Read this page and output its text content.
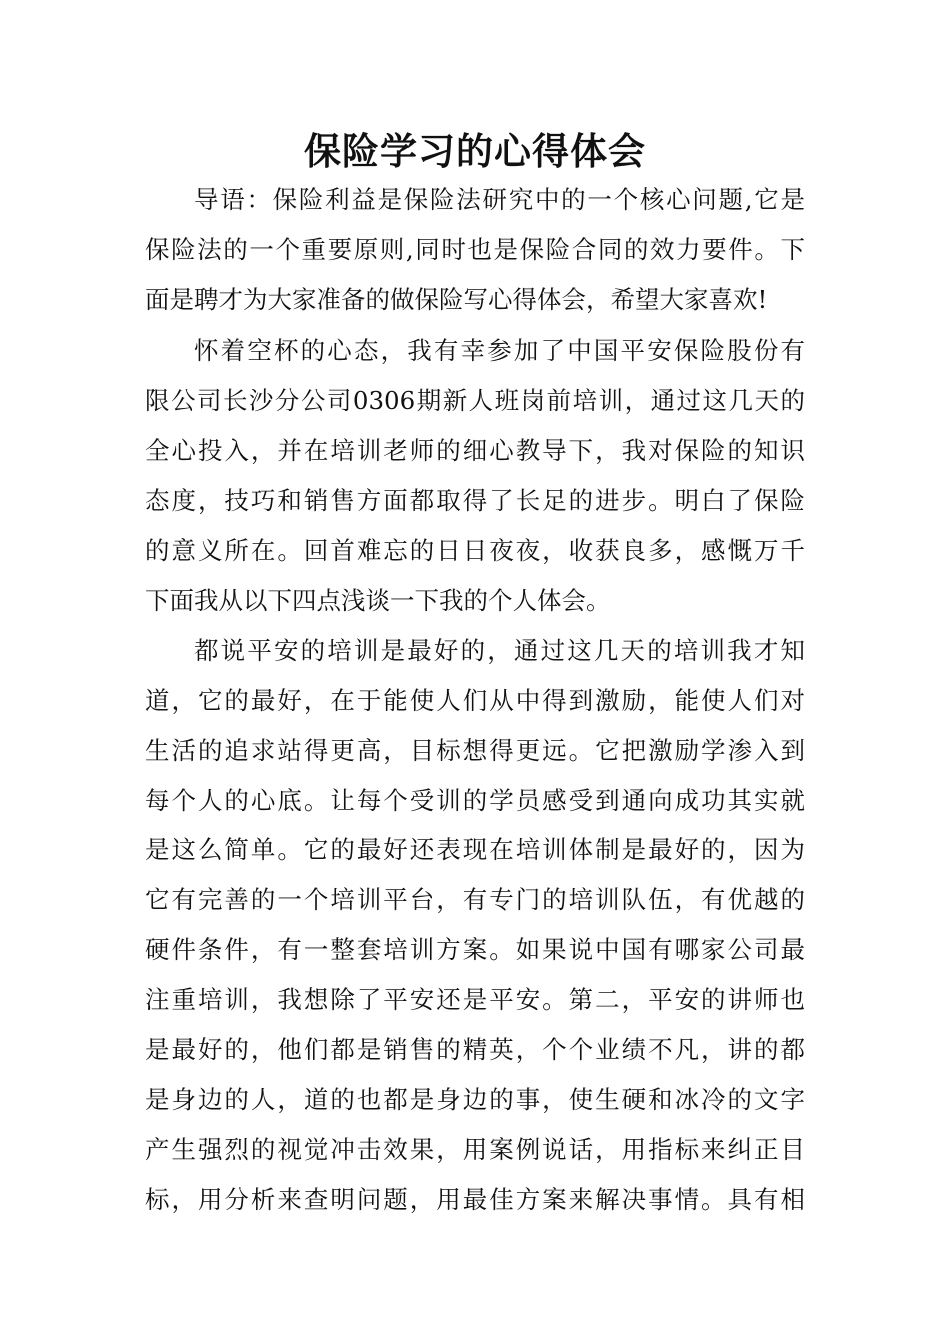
保险学习的心得体会

导语：保险利益是保险法研究中的一个核心问题,它是

保险法的一个重要原则,同时也是保险合同的效力要件。下

面是聘才为大家准备的做保险写心得体会，希望大家喜欢!

怀着空杯的心态，我有幸参加了中国平安保险股份有

限公司长沙分公司0306期新人班岗前培训，通过这几天的

全心投入，并在培训老师的细心教导下，我对保险的知识

态度，技巧和销售方面都取得了长足的进步。明白了保险

的意义所在。回首难忘的日日夜夜，收获良多，感慨万千

下面我从以下四点浅谈一下我的个人体会。

都说平安的培训是最好的，通过这几天的培训我才知

道，它的最好，在于能使人们从中得到激励，能使人们对

生活的追求站得更高，目标想得更远。它把激励学渗入到

每个人的心底。让每个受训的学员感受到通向成功其实就

是这么简单。它的最好还表现在培训体制是最好的，因为

它有完善的一个培训平台，有专门的培训队伍，有优越的

硬件条件，有一整套培训方案。如果说中国有哪家公司最

注重培训，我想除了平安还是平安。第二，平安的讲师也

是最好的，他们都是销售的精英，个个业绩不凡，讲的都

是身边的人，道的也都是身边的事，使生硬和冰冷的文字

产生强烈的视觉冲击效果，用案例说话，用指标来纠正目

标，用分析来查明问题，用最佳方案来解决事情。具有相
